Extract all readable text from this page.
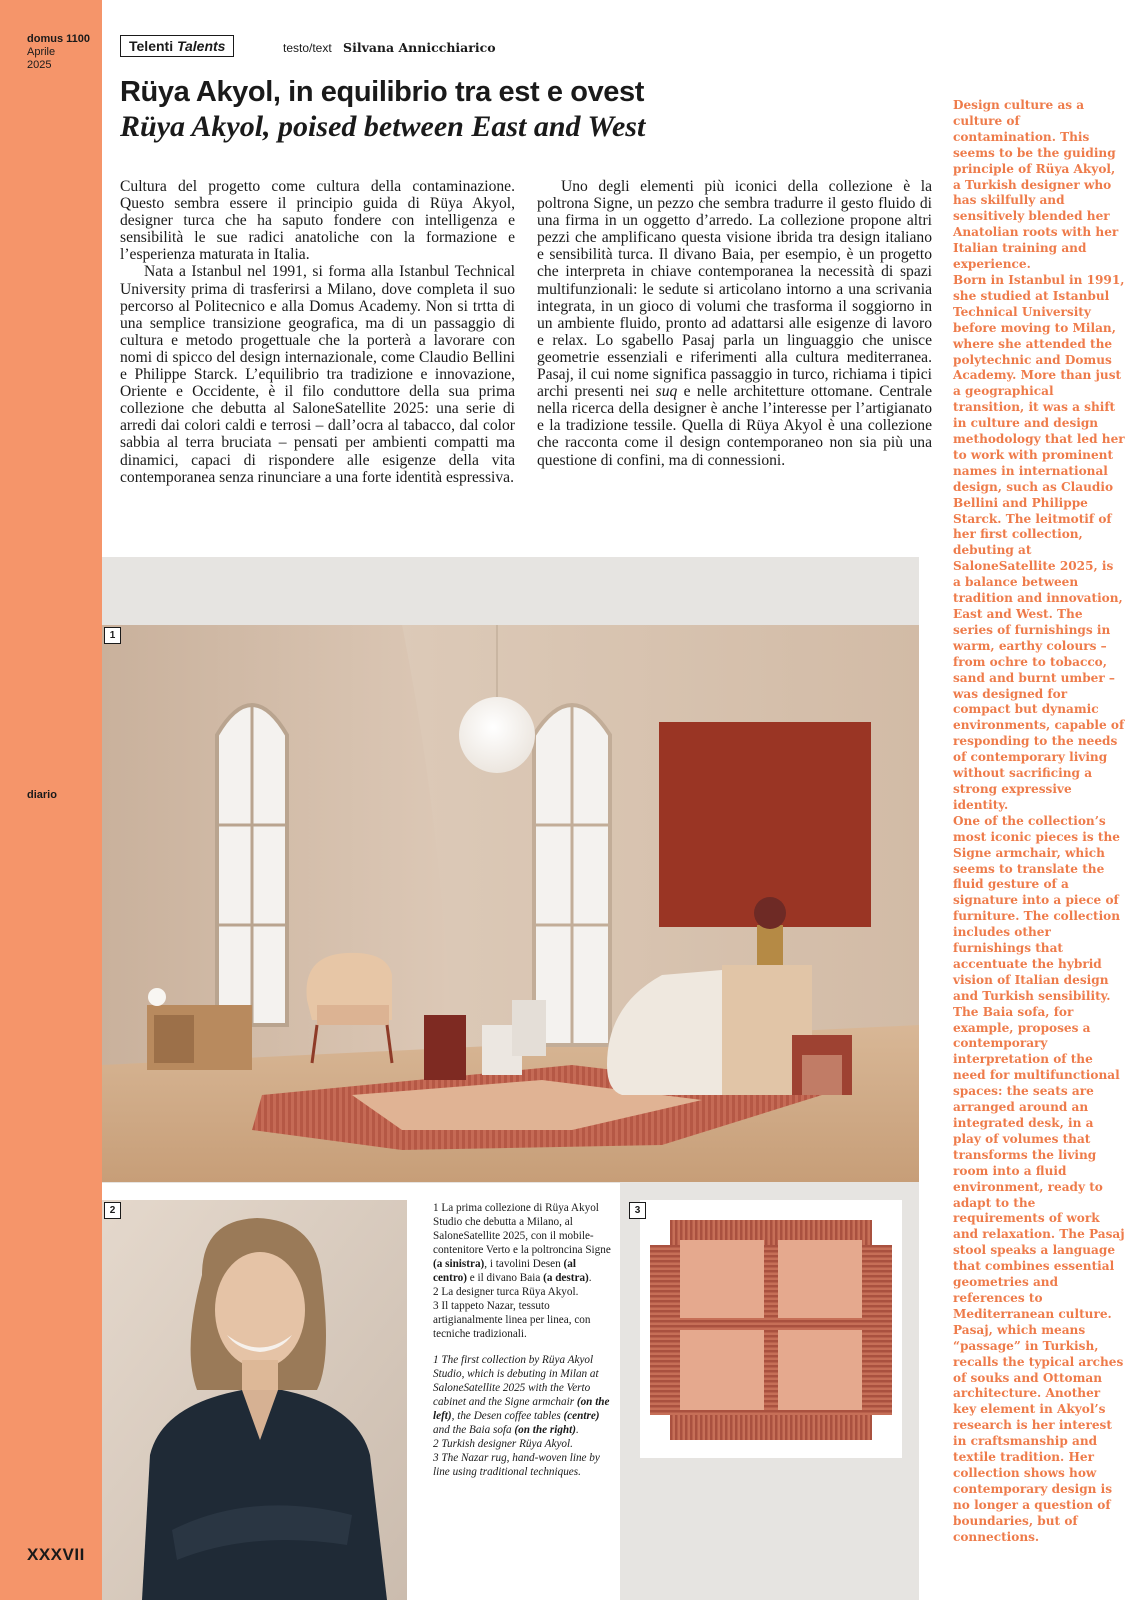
domus 1100
Aprile
2025
diario
XXXVII
Telenti Talents	testo/text Silvana Annicchiarico
Rüya Akyol, in equilibrio tra est e ovest
Rüya Akyol, poised between East and West

Cultura del progetto come cultura della contaminazione. Questo sembra essere il principio guida di Rüya Akyol, designer turca che ha saputo fondere con intelligenza e sensibilità le sue radici anatoliche con la formazione e l’esperienza maturata in Italia.

Nata a Istanbul nel 1991, si forma alla Istanbul Technical University prima di trasferirsi a Milano, dove completa il suo percorso al Politecnico e alla Domus Academy. Non si trtta di una semplice transizione geografica, ma di un passaggio di cultura e metodo progettuale che la porterà a lavorare con nomi di spicco del design internazionale, come Claudio Bellini e Philippe Starck. L’equilibrio tra tradizione e innovazione, Oriente e Occidente, è il filo conduttore della sua prima collezione che debutta al SaloneSatellite 2025: una serie di arredi dai colori caldi e terrosi – dall’ocra al tabacco, dal color sabbia al terra bruciata – pensati per ambienti compatti ma dinamici, capaci di rispondere alle esigenze della vita contemporanea senza rinunciare a una forte identità espressiva.

Uno degli elementi più iconici della collezione è la poltrona Signe, un pezzo che sembra tradurre il gesto fluido di una firma in un oggetto d’arredo. La collezione propone altri pezzi che amplificano questa visione ibrida tra design italiano e sensibilità turca. Il divano Baia, per esempio, è un progetto che interpreta in chiave contemporanea la necessità di spazi multifunzionali: le sedute si articolano intorno a una scrivania integrata, in un gioco di volumi che trasforma il soggiorno in un ambiente fluido, pronto ad adattarsi alle esigenze di lavoro e relax. Lo sgabello Pasaj parla un linguaggio che unisce geometrie essenziali e riferimenti alla cultura mediterranea. Pasaj, il cui nome significa passaggio in turco, richiama i tipici archi presenti nei suq e nelle architetture ottomane. Centrale nella ricerca della designer è anche l’interesse per l’artigianato e la tradizione tessile. Quella di Rüya Akyol è una collezione che racconta come il design contemporaneo non sia più una questione di confini, ma di connessioni.

Design culture as a culture of contamination. This seems to be the guiding principle of Rüya Akyol, a Turkish designer who has skilfully and sensitively blended her Anatolian roots with her Italian training and experience.

Born in Istanbul in 1991, she studied at Istanbul Technical University before moving to Milan, where she attended the polytechnic and Domus Academy. More than just a geographical transition, it was a shift in culture and design methodology that led her to work with prominent names in international design, such as Claudio Bellini and Philippe Starck. The leitmotif of her first collection, debuting at SaloneSatellite 2025, is a balance between tradition and innovation, East and West. The series of furnishings in warm, earthy colours – from ochre to tobacco, sand and burnt umber – was designed for compact but dynamic environments, capable of responding to the needs of contemporary living without sacrificing a strong expressive identity.

One of the collection’s most iconic pieces is the Signe armchair, which seems to translate the fluid gesture of a signature into a piece of furniture. The collection includes other furnishings that accentuate the hybrid vision of Italian design and Turkish sensibility. The Baia sofa, for example, proposes a contemporary interpretation of the need for multifunctional spaces: the seats are arranged around an integrated desk, in a play of volumes that transforms the living room into a fluid environment, ready to adapt to the requirements of work and relaxation. The Pasaj stool speaks a language that combines essential geometries and references to Mediterranean culture. Pasaj, which means “passage” in Turkish, recalls the typical arches of souks and Ottoman architecture. Another key element in Akyol’s research is her interest in craftsmanship and textile tradition. Her collection shows how contemporary design is no longer a question of boundaries, but of connections.

1
2	1 La prima collezione di Rüya Akyol Studio che debutta a Milano, al SaloneSatellite 2025, con il mobile-contenitore Verto e la poltroncina Signe (a sinistra), i tavolini Desen (al centro) e il divano Baia (a destra).

2 La designer turca Rüya Akyol.

3 Il tappeto Nazar, tessuto artigianalmente linea per linea, con tecniche tradizionali.

1 The first collection by Rüya Akyol Studio, which is debuting in Milan at SaloneSatellite 2025 with the Verto cabinet and the Signe armchair (on the left), the Desen coffee tables (centre) and the Baia sofa (on the right).

2 Turkish designer Rüya Akyol.

3 The Nazar rug, hand-woven line by line using traditional techniques.

3
